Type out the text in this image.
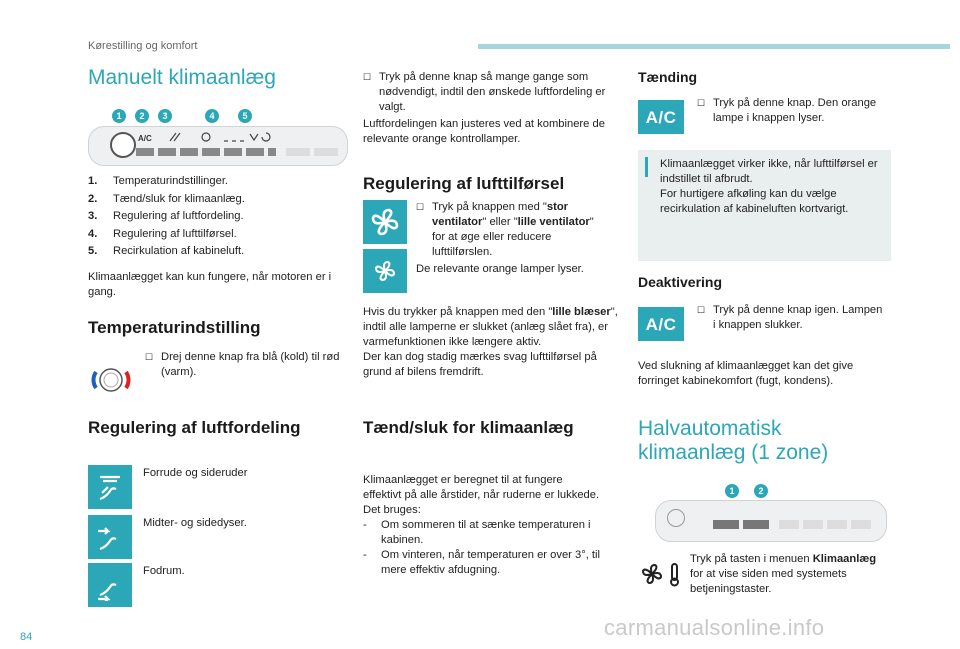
Kørestilling og komfort
Manuelt klimaanlæg
1	2	3	4	5
A/C
1.	Temperaturindstillinger.
2.	Tænd/sluk for klimaanlæg.
3.	Regulering af luftfordeling.
4.	Regulering af lufttilførsel.
5.	Recirkulation af kabineluft.
Klimaanlægget kan kun fungere, når motoren er i gang.
Temperaturindstilling
☐ Drej denne knap fra blå (kold) til rød (varm).
Regulering af luftfordeling
Forrude og sideruder
Midter- og sidedyser.
Fodrum.
☐ Tryk på denne knap så mange gange som nødvendigt, indtil den ønskede luftfordeling er valgt.
Luftfordelingen kan justeres ved at kombinere de relevante orange kontrollamper.
Regulering af lufttilførsel
☐ Tryk på knappen med "stor ventilator" eller "lille ventilator" for at øge eller reducere lufttilførslen.
De relevante orange lamper lyser.
Hvis du trykker på knappen med den "lille blæser", indtil alle lamperne er slukket (anlæg slået fra), er varmefunktionen ikke længere aktiv.
Der kan dog stadig mærkes svag lufttilførsel på grund af bilens fremdrift.
Tænd/sluk for klimaanlæg
Klimaanlægget er beregnet til at fungere effektivt på alle årstider, når ruderne er lukkede.
Det bruges:
-	Om sommeren til at sænke temperaturen i kabinen.
-	Om vinteren, når temperaturen er over 3°, til mere effektiv afdugning.
Tænding
A/C
☐ Tryk på denne knap. Den orange lampe i knappen lyser.
Klimaanlægget virker ikke, når lufttilførsel er indstillet til afbrudt.
For hurtigere afkøling kan du vælge recirkulation af kabineluften kortvarigt.
Deaktivering
A/C
☐ Tryk på denne knap igen. Lampen i knappen slukker.
Ved slukning af klimaanlægget kan det give forringet kabinekomfort (fugt, kondens).
Halvautomatisk
klimaanlæg (1 zone)
1	2
Tryk på tasten i menuen Klimaanlæg for at vise siden med systemets betjeningstaster.
84	carmanualsonline.info
